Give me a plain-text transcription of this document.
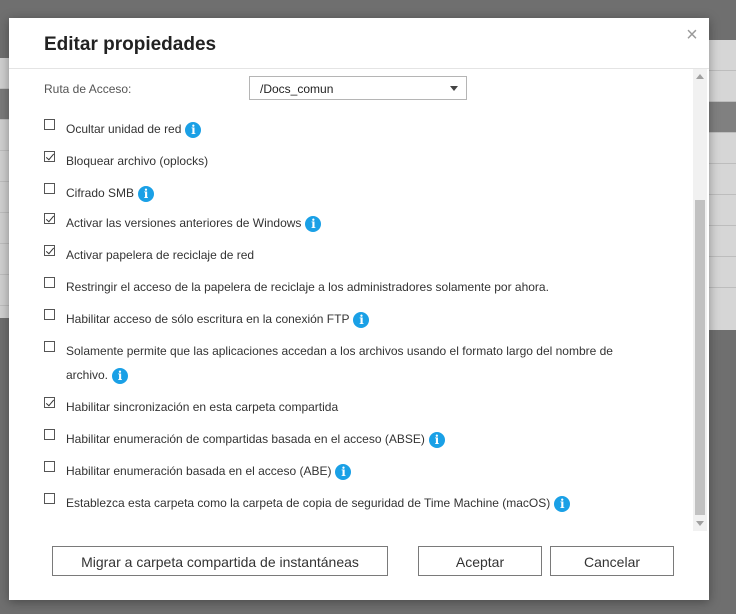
Editar propiedades	×
Ruta de Acceso:	/Docs_comun
Ocultar unidad de red i
Bloquear archivo (oplocks)
Cifrado SMB i
Activar las versiones anteriores de Windows i
Activar papelera de reciclaje de red
Restringir el acceso de la papelera de reciclaje a los administradores solamente por ahora.
Habilitar acceso de sólo escritura en la conexión FTP i
Solamente permite que las aplicaciones accedan a los archivos usando el formato largo del nombre de archivo. i
Habilitar sincronización en esta carpeta compartida
Habilitar enumeración de compartidas basada en el acceso (ABSE) i
Habilitar enumeración basada en el acceso (ABE) i
Establezca esta carpeta como la carpeta de copia de seguridad de Time Machine (macOS) i
Migrar a carpeta compartida de instantáneas	Aceptar	Cancelar
